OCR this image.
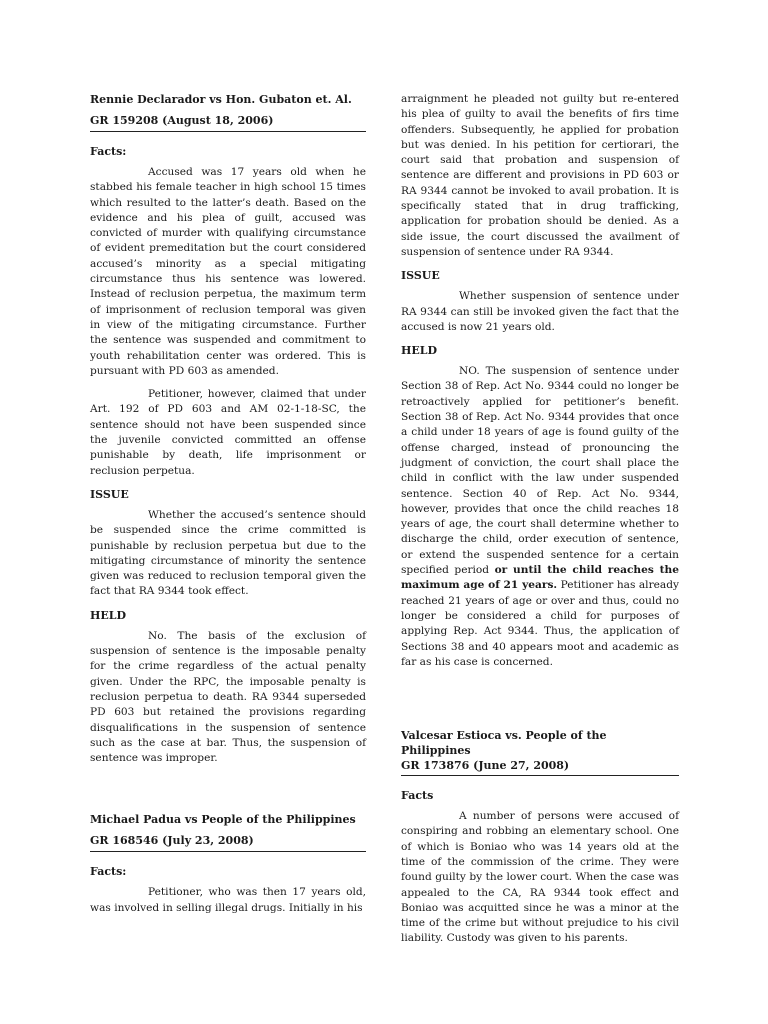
Rennie Declarador vs Hon. Gubaton et. Al.
GR 159208 (August 18, 2006)
Facts:

Accused was 17 years old when he stabbed his female teacher in high school 15 times which resulted to the latter’s death. Based on the evidence and his plea of guilt, accused was convicted of murder with qualifying circumstance of evident premeditation but the court considered accused’s minority as a special mitigating circumstance thus his sentence was lowered. Instead of reclusion perpetua, the maximum term of imprisonment of reclusion temporal was given in view of the mitigating circumstance. Further the sentence was suspended and commitment to youth rehabilitation center was ordered. This is pursuant with PD 603 as amended.

Petitioner, however, claimed that under Art. 192 of PD 603 and AM 02-1-18-SC, the sentence should not have been suspended since the juvenile convicted committed an offense punishable by death, life imprisonment or reclusion perpetua.

ISSUE

Whether the accused’s sentence should be suspended since the crime committed is punishable by reclusion perpetua but due to the mitigating circumstance of minority the sentence given was reduced to reclusion temporal given the fact that RA 9344 took effect.

HELD

No. The basis of the exclusion of suspension of sentence is the imposable penalty for the crime regardless of the actual penalty given. Under the RPC, the imposable penalty is reclusion perpetua to death. RA 9344 superseded PD 603 but retained the provisions regarding disqualifications in the suspension of sentence such as the case at bar. Thus, the suspension of sentence was improper.

Michael Padua vs People of the Philippines
GR 168546 (July 23, 2008)
Facts:

Petitioner, who was then 17 years old, was involved in selling illegal drugs. Initially in his

arraignment he pleaded not guilty but re-entered his plea of guilty to avail the benefits of firs time offenders. Subsequently, he applied for probation but was denied. In his petition for certiorari, the court said that probation and suspension of sentence are different and provisions in PD 603 or RA 9344 cannot be invoked to avail probation. It is specifically stated that in drug trafficking, application for probation should be denied. As a side issue, the court discussed the availment of suspension of sentence under RA 9344.

ISSUE

Whether suspension of sentence under RA 9344 can still be invoked given the fact that the accused is now 21 years old.

HELD

NO. The suspension of sentence under Section 38 of Rep. Act No. 9344 could no longer be retroactively applied for petitioner’s benefit. Section 38 of Rep. Act No. 9344 provides that once a child under 18 years of age is found guilty of the offense charged, instead of pronouncing the judgment of conviction, the court shall place the child in conflict with the law under suspended sentence. Section 40 of Rep. Act No. 9344, however, provides that once the child reaches 18 years of age, the court shall determine whether to discharge the child, order execution of sentence, or extend the suspended sentence for a certain specified period or until the child reaches the maximum age of 21 years. Petitioner has already reached 21 years of age or over and thus, could no longer be considered a child for purposes of applying Rep. Act 9344. Thus, the application of Sections 38 and 40 appears moot and academic as far as his case is concerned.

Valcesar Estioca vs. People of the Philippines
GR 173876 (June 27, 2008)
Facts

A number of persons were accused of conspiring and robbing an elementary school. One of which is Boniao who was 14 years old at the time of the commission of the crime. They were found guilty by the lower court. When the case was appealed to the CA, RA 9344 took effect and Boniao was acquitted since he was a minor at the time of the crime but without prejudice to his civil liability. Custody was given to his parents.
